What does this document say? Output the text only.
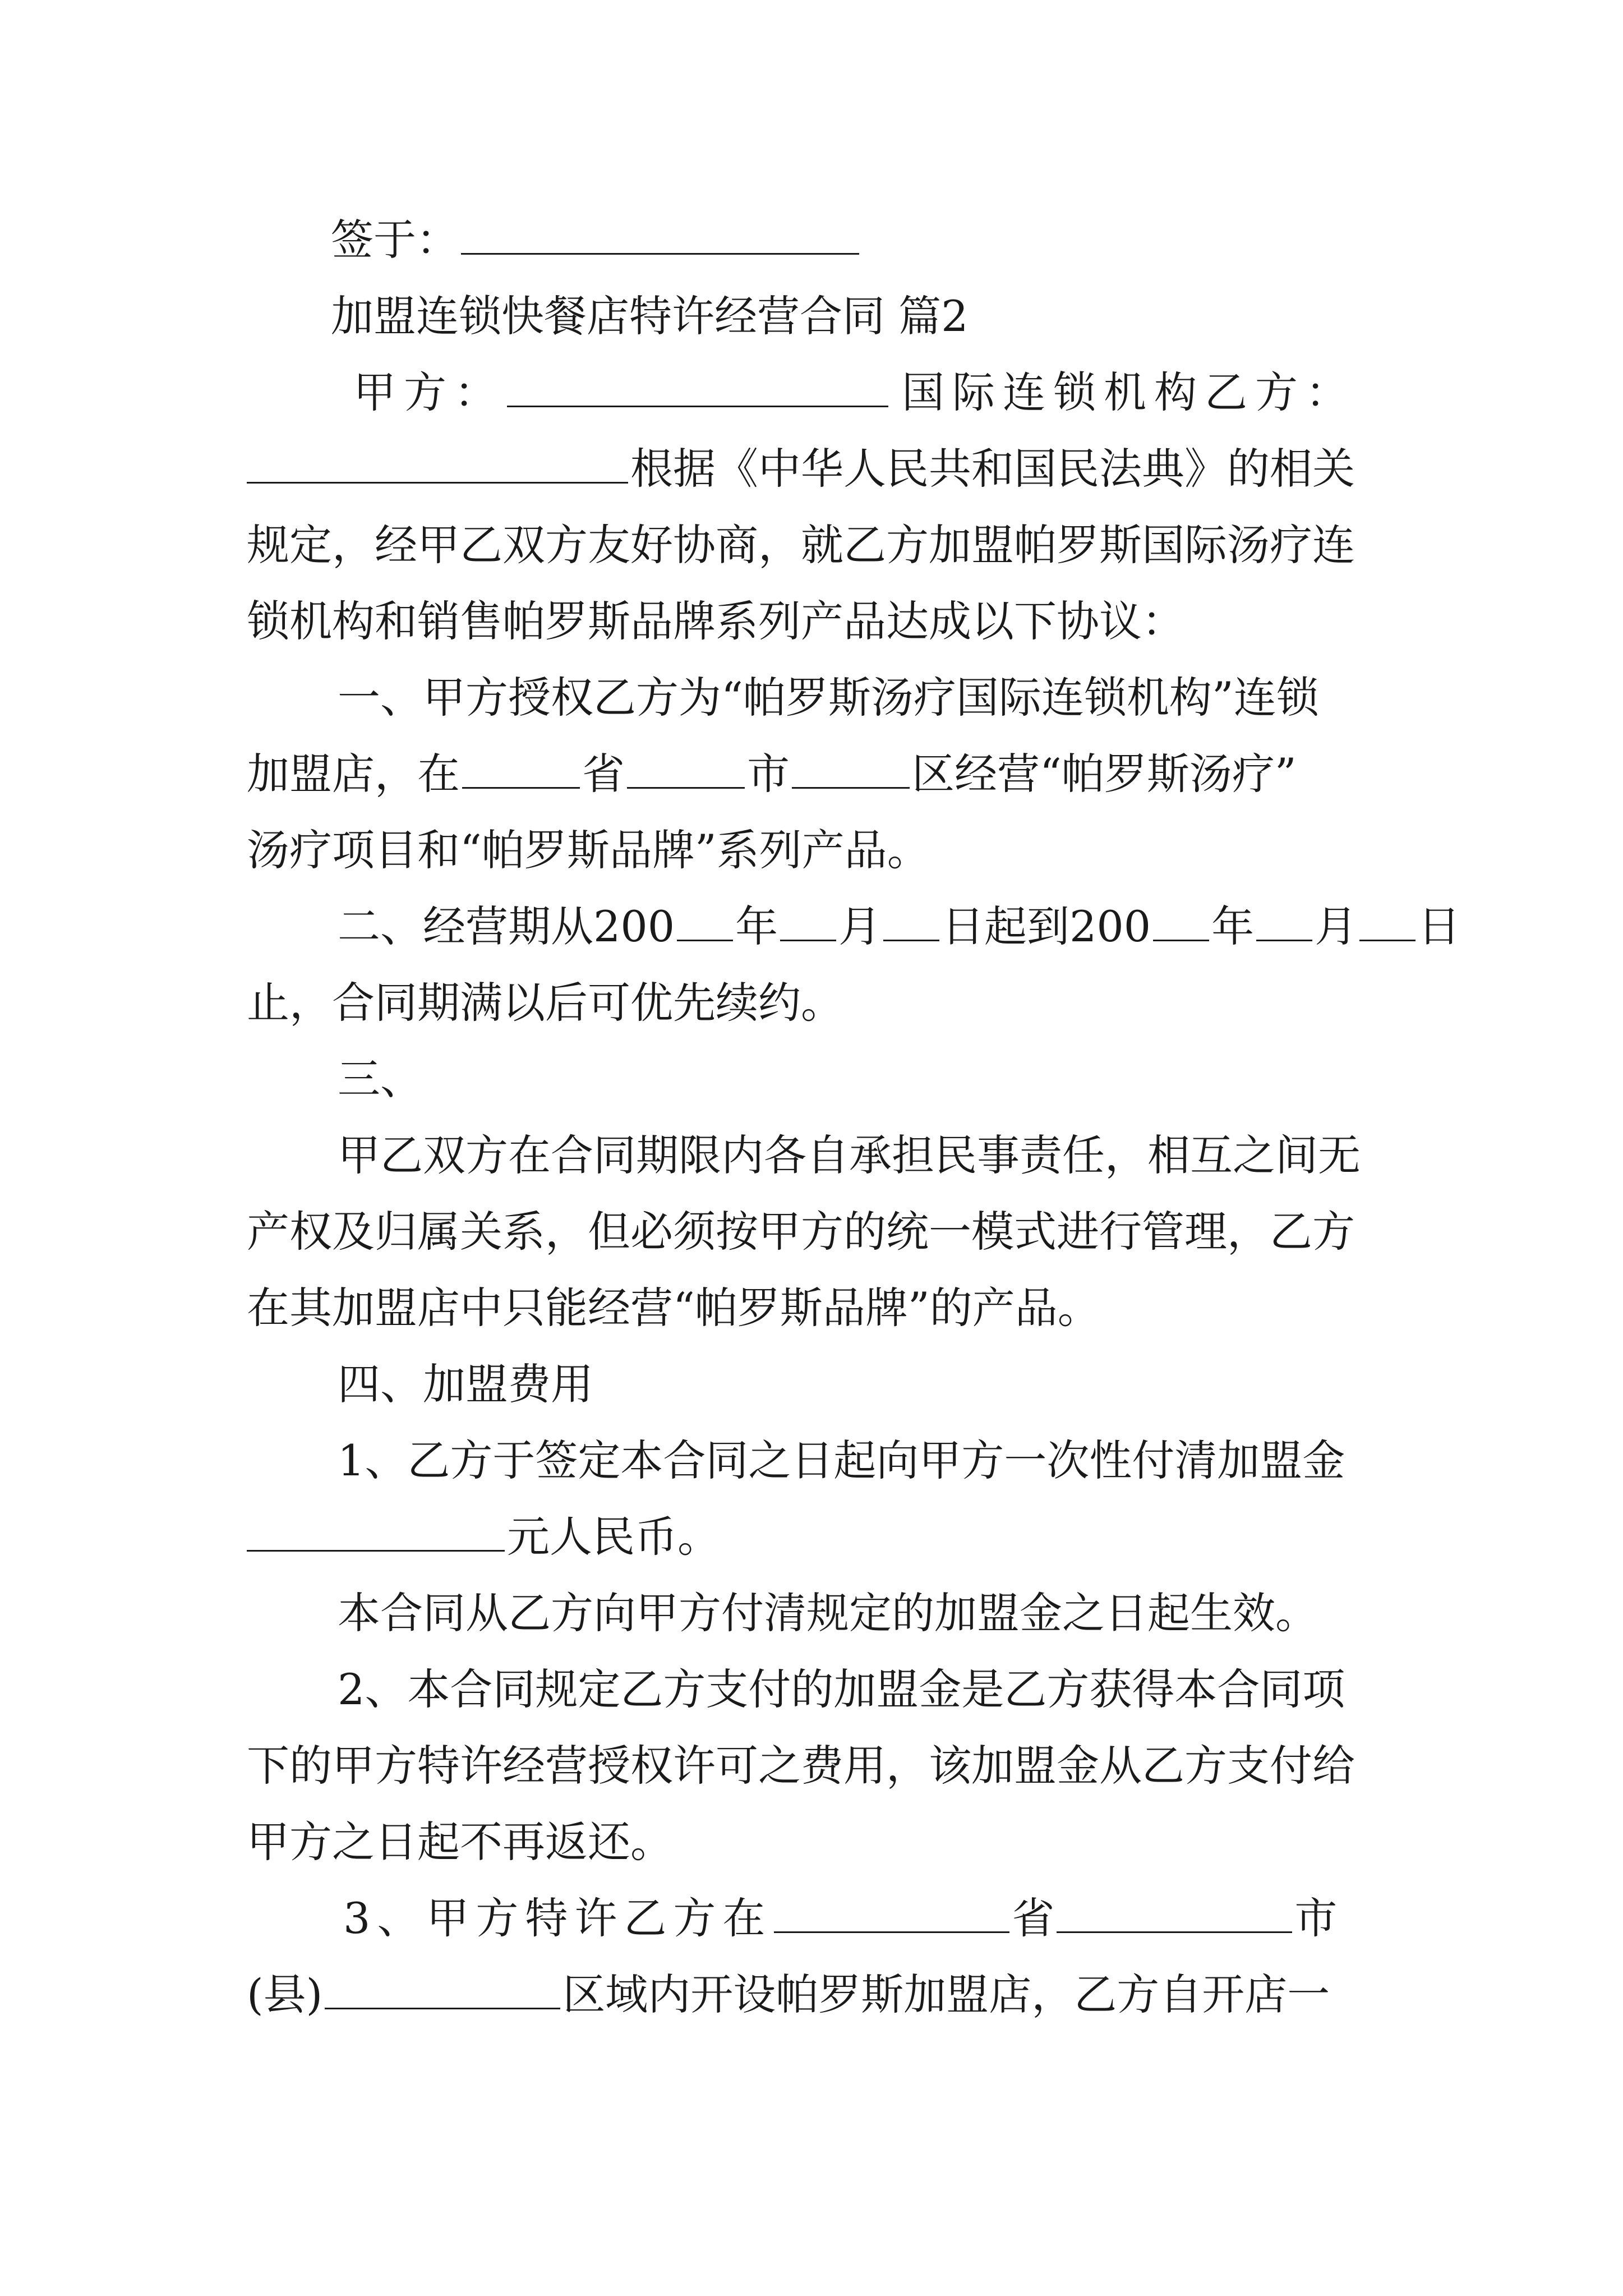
签于：
加盟连锁快餐店特许经营合同 篇2
甲方：	国际连锁机构乙方：
根据《中华人民共和国民法典》的相关
规定，经甲乙双方友好协商，就乙方加盟帕罗斯国际汤疗连
锁机构和销售帕罗斯品牌系列产品达成以下协议：
一、甲方授权乙方为“帕罗斯汤疗国际连锁机构”连锁
加盟店，在	省	市	区经营“帕罗斯汤疗”
汤疗项目和“帕罗斯品牌”系列产品。
二、经营期从200 年 月 日起到200 年 月 日
止，合同期满以后可优先续约。
三、
甲乙双方在合同期限内各自承担民事责任，相互之间无
产权及归属关系，但必须按甲方的统一模式进行管理，乙方
在其加盟店中只能经营“帕罗斯品牌”的产品。
四、加盟费用
1、乙方于签定本合同之日起向甲方一次性付清加盟金
元人民币。
本合同从乙方向甲方付清规定的加盟金之日起生效。
2、本合同规定乙方支付的加盟金是乙方获得本合同项
下的甲方特许经营授权许可之费用，该加盟金从乙方支付给
甲方之日起不再返还。
3、甲方特许乙方在	省	市
(县)	区域内开设帕罗斯加盟店，乙方自开店一
